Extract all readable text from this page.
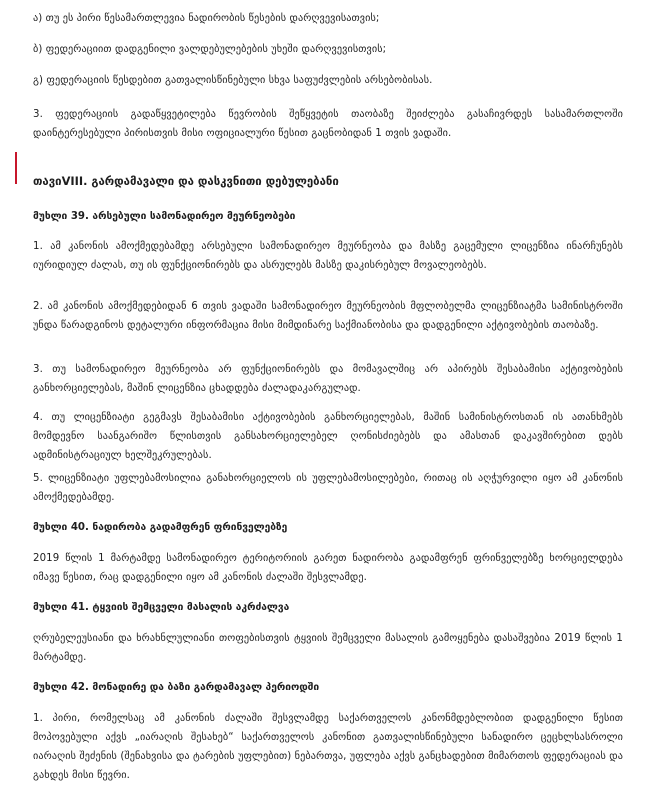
ა) თუ ეს პირი წესამართლევია ნადირობის წესების დარღვევისათვის;

ბ) ფედერაციით დადგენილი ვალდებულებების უხეში დარღვევისთვის;

გ) ფედერაციის წესდებით გათვალისწინებული სხვა საფუძვლების არსებობისას.

3. ფედერაციის გადაწყვეტილება წევრობის შეწყვეტის თაობაზე შეიძლება გასაჩივრდეს სასამართლოში დაინტერესებული პირისთვის მისი ოფიციალური წესით გაცნობიდან 1 თვის ვადაში.

თავიVIII. გარდამავალი და დასკვნითი დებულებანი

მუხლი 39. არსებული სამონადირეო მეურნეობები

1. ამ კანონის ამოქმედებამდე არსებული სამონადირეო მეურნეობა და მასზე გაცემული ლიცენზია ინარჩუნებს იურიდიულ ძალას, თუ ის ფუნქციონირებს და ასრულებს მასზე დაკისრებულ მოვალეობებს.

2. ამ კანონის ამოქმედებიდან 6 თვის ვადაში სამონადირეო მეურნეობის მფლობელმა ლიცენზიატმა სამინისტროში უნდა წარადგინოს დეტალური ინფორმაცია მისი მიმდინარე საქმიანობისა და დადგენილი აქტივობების თაობაზე.

3. თუ სამონადირეო მეურნეობა არ ფუნქციონირებს და მომავალშიც არ აპირებს შესაბამისი აქტივობების განხორციელებას, მაშინ ლიცენზია ცხადდება ძალადაკარგულად.

4. თუ ლიცენზიატი გეგმავს შესაბამისი აქტივობების განხორციელებას, მაშინ სამინისტროსთან ის ათანხმებს მომდევნო საანგარიშო წლისთვის განსახორციელებელ ღონისძიებებს და ამასთან დაკავშირებით დებს ადმინისტრაციულ ხელშეკრულებას.

5. ლიცენზიატი უფლებამოსილია განახორციელოს ის უფლებამოსილებები, რითაც ის აღჭურვილი იყო ამ კანონის ამოქმედებამდე.

მუხლი 40. ნადირობა გადამფრენ ფრინველებზე

2019 წლის 1 მარტამდე სამონადირეო ტერიტორიის გარეთ ნადირობა გადამფრენ ფრინველებზე ხორციელდება იმავე წესით, რაც დადგენილი იყო ამ კანონის ძალაში შესვლამდე.

მუხლი 41. ტყვიის შემცველი მასალის აკრძალვა

ღრუბელეუსიანი და ხრახნლულიანი თოფებისთვის ტყვიის შემცველი მასალის გამოყენება დასაშვებია 2019 წლის 1 მარტამდე.

მუხლი 42. მონადირე და ბაზი გარდამავალ პერიოდში

1. პირი, რომელსაც ამ კანონის ძალაში შესვლამდე საქართველოს კანონმდებლობით დადგენილი წესით მოპოვებული აქვს „იარაღის შესახებ“ საქართველოს კანონით გათვალისწინებული სანადირო ცეცხლსასროლი იარაღის შეძენის (შენახვისა და ტარების უფლებით) ნებართვა, უფლება აქვს განცხადებით მიმართოს ფედერაციას და გახდეს მისი წევრი.
